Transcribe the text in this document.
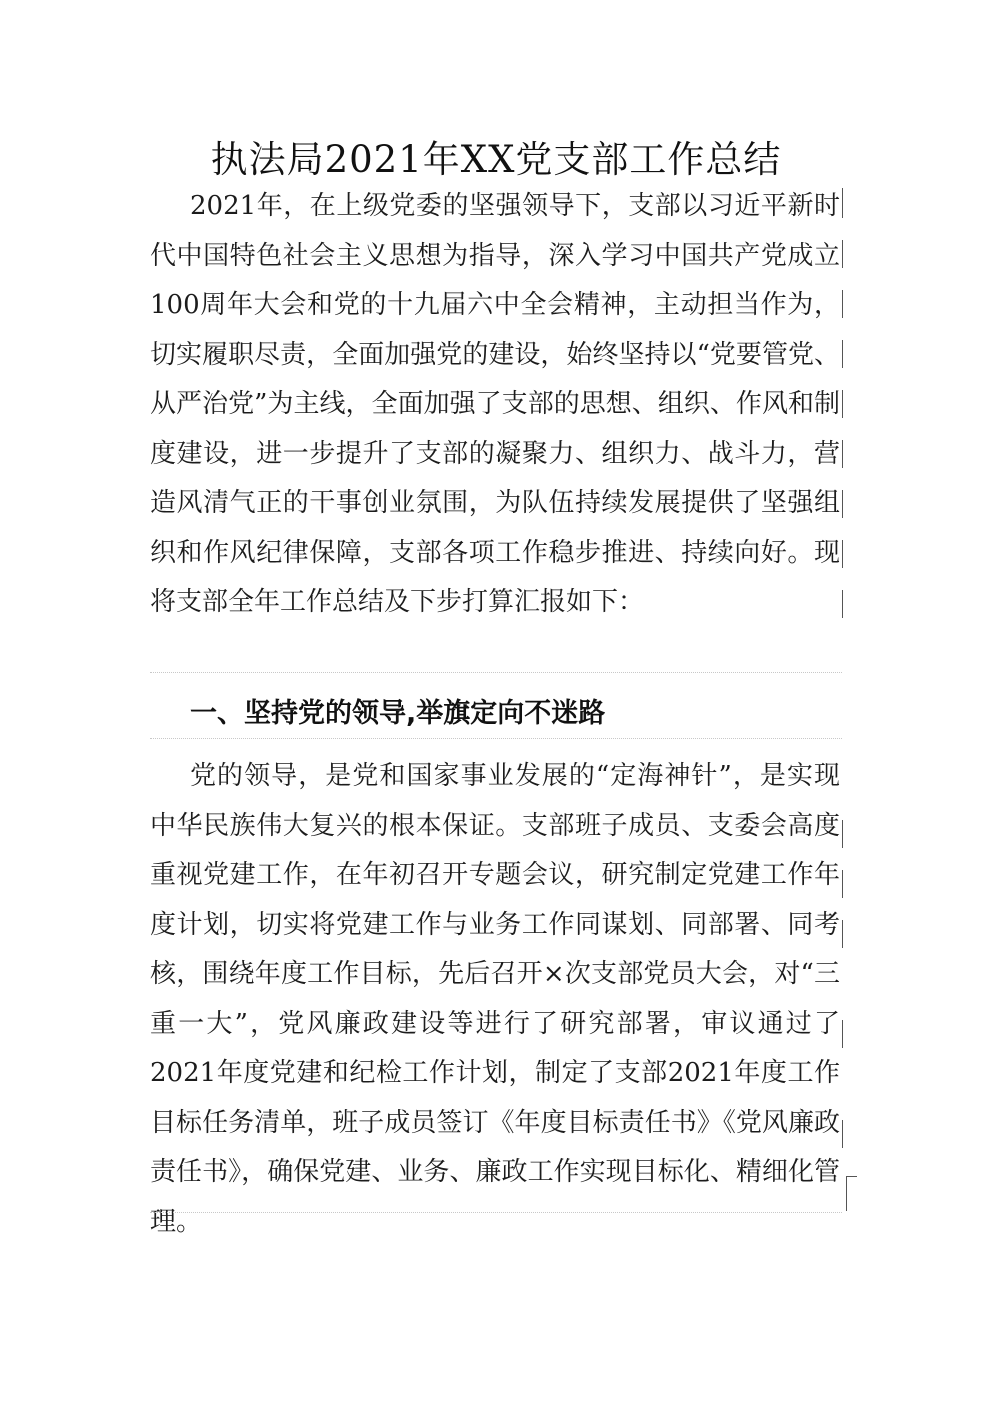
执法局2021年XX党支部工作总结
2021年，在上级党委的坚强领导下，支部以习近平新时代中国特色社会主义思想为指导，深入学习中国共产党成立100周年大会和党的十九届六中全会精神，主动担当作为，切实履职尽责，全面加强党的建设，始终坚持以“党要管党、从严治党”为主线，全面加强了支部的思想、组织、作风和制度建设，进一步提升了支部的凝聚力、组织力、战斗力，营造风清气正的干事创业氛围，为队伍持续发展提供了坚强组织和作风纪律保障，支部各项工作稳步推进、持续向好。现将支部全年工作总结及下步打算汇报如下：
一、坚持党的领导,举旗定向不迷路
党的领导，是党和国家事业发展的“定海神针”，是实现中华民族伟大复兴的根本保证。支部班子成员、支委会高度重视党建工作，在年初召开专题会议，研究制定党建工作年度计划，切实将党建工作与业务工作同谋划、同部署、同考核，围绕年度工作目标，先后召开×次支部党员大会，对“三重一大”，党风廉政建设等进行了研究部署，审议通过了2021年度党建和纪检工作计划，制定了支部2021年度工作目标任务清单，班子成员签订《年度目标责任书》《党风廉政责任书》，确保党建、业务、廉政工作实现目标化、精细化管理。
